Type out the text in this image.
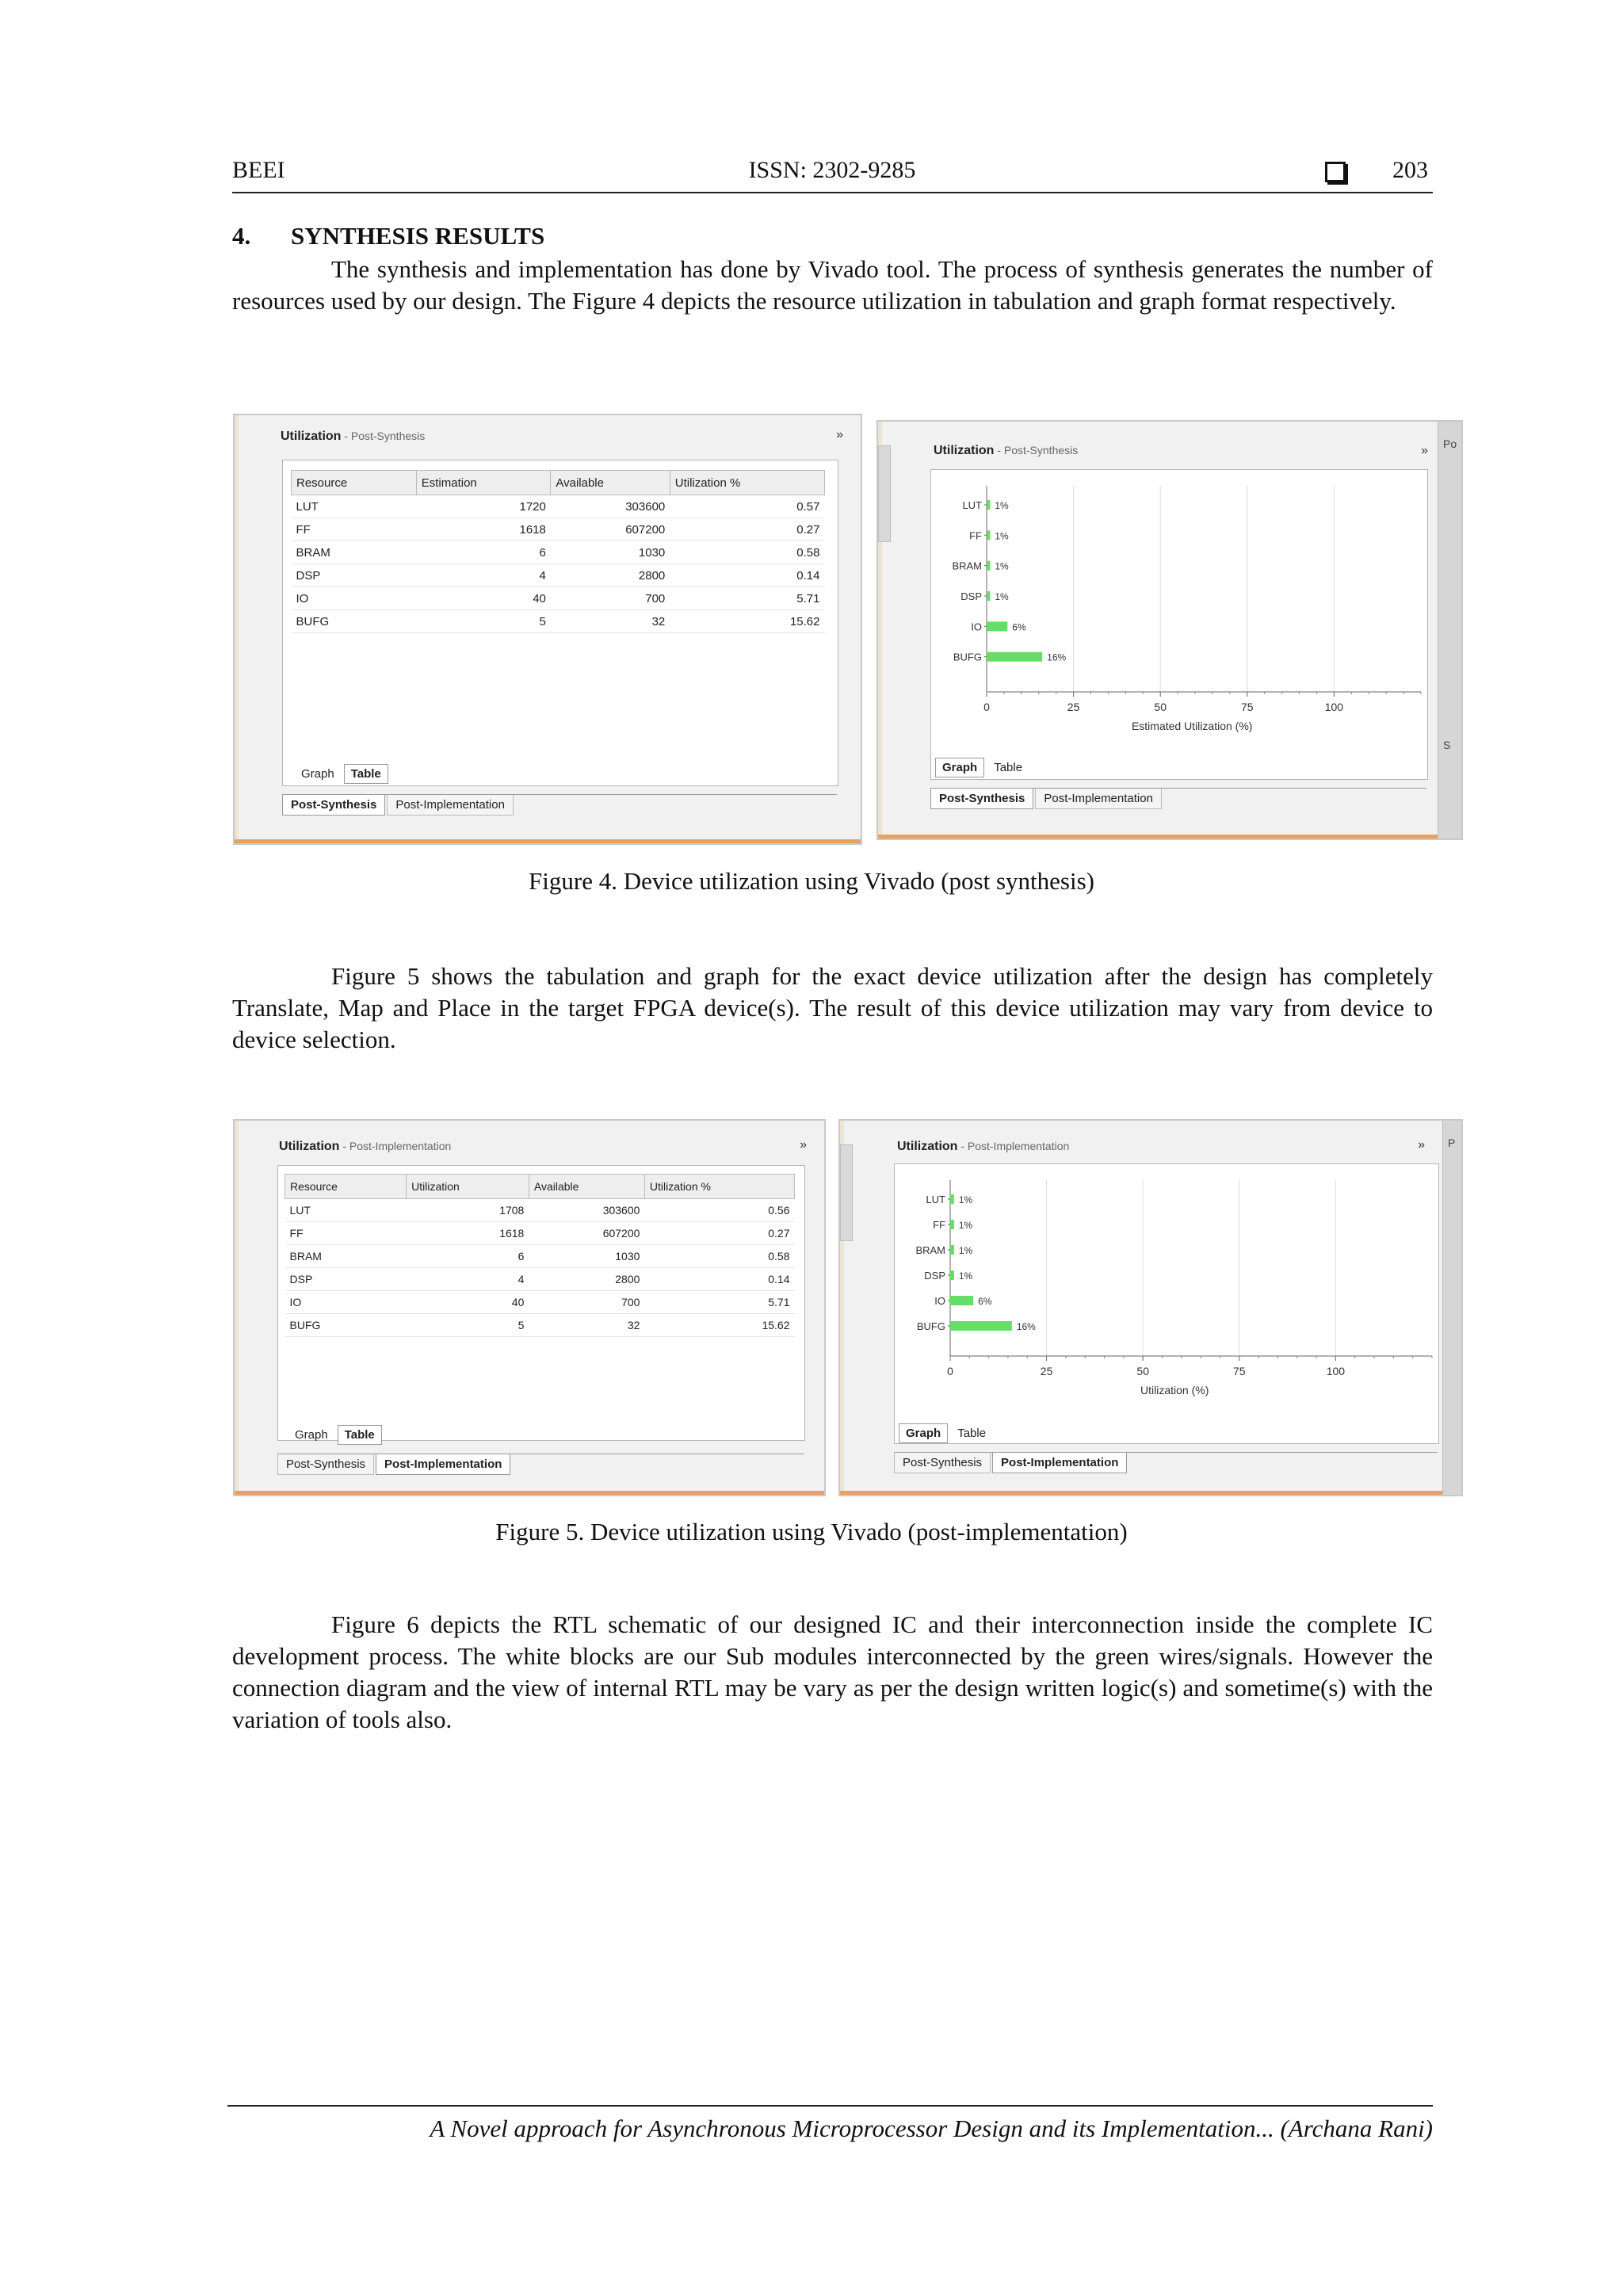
BEEI	ISSN: 2302-9285	203
4. SYNTHESIS RESULTS

The synthesis and implementation has done by Vivado tool. The process of synthesis generates the number of resources used by our design. The Figure 4 depicts the resource utilization in tabulation and graph format respectively.

Utilization - Post-Synthesis	»
Resource	Estimation	Available	Utilization %
LUT	1720	303600	0.57
FF	1618	607200	0.27
BRAM	6	1030	0.58
DSP	4	2800	0.14
IO	40	700	5.71
BUFG	5	32	15.62
Graph Table
Post-Synthesis Post-Implementation
Utilization - Post-Synthesis	»
0	25	50	75	100
LUT 1%
FF 1%
BRAM 1%
DSP 1%
IO	6%
BUFG	16%
Estimated Utilization (%)
Graph Table
Post-Synthesis Post-Implementation
Po
S
Figure 4. Device utilization using Vivado (post synthesis)

Figure 5 shows the tabulation and graph for the exact device utilization after the design has completely Translate, Map and Place in the target FPGA device(s). The result of this device utilization may vary from device to device selection.

Utilization - Post-Implementation	»
Resource	Utilization	Available	Utilization %
LUT	1708	303600	0.56
FF	1618	607200	0.27
BRAM	6	1030	0.58
DSP	4	2800	0.14
IO	40	700	5.71
BUFG	5	32	15.62
Graph Table
Post-Synthesis Post-Implementation
Utilization - Post-Implementation	»
0	25	50	75	100
LUT 1%
FF 1%
BRAM 1%
DSP 1%
IO	6%
BUFG	16%
Utilization (%)
Graph Table
Post-Synthesis Post-Implementation
P
Figure 5. Device utilization using Vivado (post-implementation)

Figure 6 depicts the RTL schematic of our designed IC and their interconnection inside the complete IC development process. The white blocks are our Sub modules interconnected by the green wires/signals. However the connection diagram and the view of internal RTL may be vary as per the design written logic(s) and sometime(s) with the variation of tools also.

A Novel approach for Asynchronous Microprocessor Design and its Implementation... (Archana Rani)
